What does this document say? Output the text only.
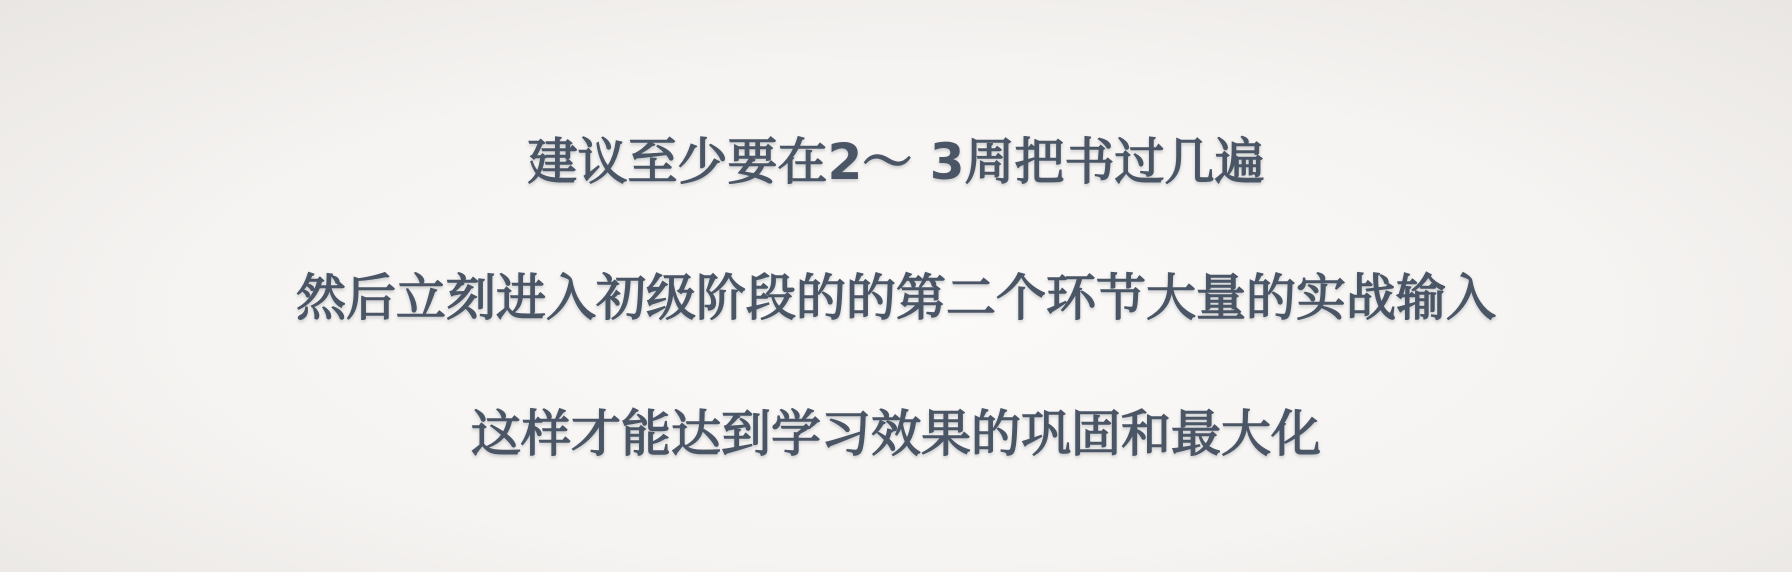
建议至少要在2～ 3周把书过几遍
然后立刻进入初级阶段的的第二个环节大量的实战输入
这样才能达到学习效果的巩固和最大化
